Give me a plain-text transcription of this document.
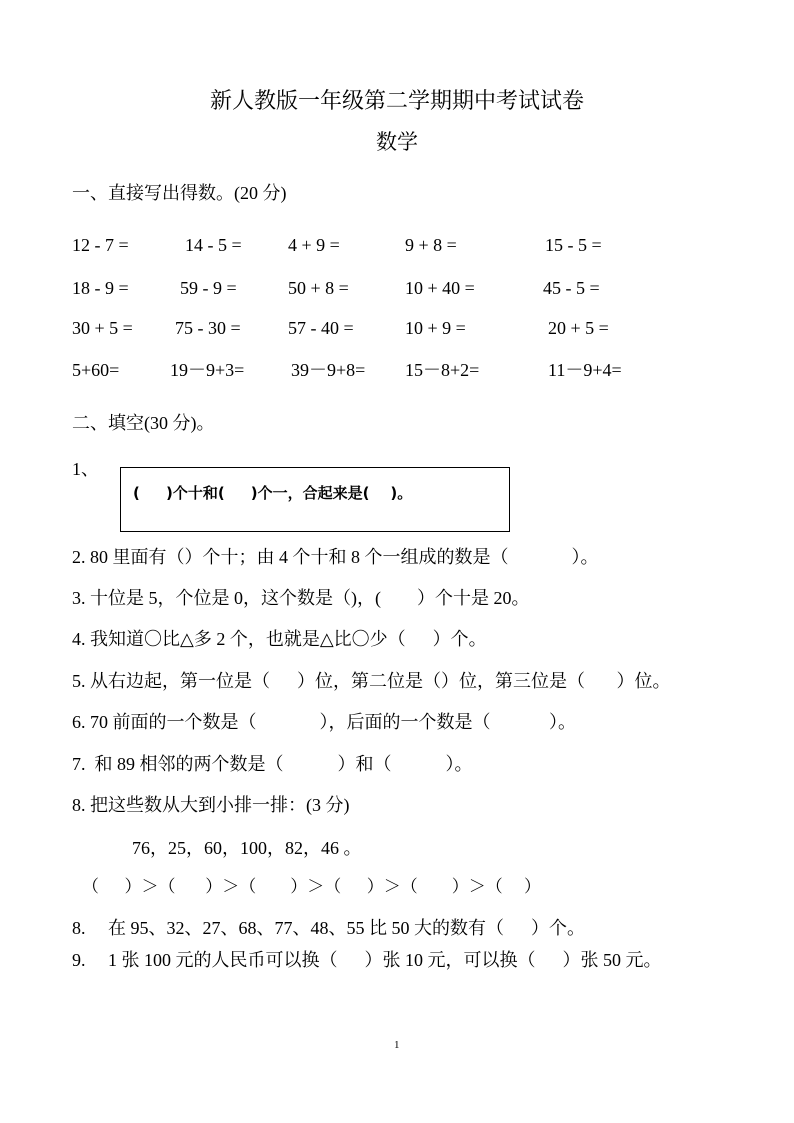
新人教版一年级第二学期期中考试试卷
数学
一、直接写出得数。(20 分)
12 - 7 =	14 - 5 =	4 + 9 =	9 + 8 =	15 - 5 =
18 - 9 =	59 - 9 =	50 + 8 =	10 + 40 =	45 - 5 =
30 + 5 = 75 - 30 =	57 - 40 =	10 + 9 =	20 + 5 =
5+60=	19－9+3=	39－9+8= 15－8+2=	11－9+4=
二、填空(30 分)。
1、
(     )个十和(     )个一，合起来是(    )。
2. 80 里面有（）个十；由 4 个十和 8 个一组成的数是（              ）。
3. 十位是 5，个位是 0，这个数是（)，(        ）个十是 20。
4. 我知道〇比△多 2 个，也就是△比〇少（      ）个。
5. 从右边起，第一位是（      ）位，第二位是（）位，第三位是（       ）位。
6. 70 前面的一个数是（              ），后面的一个数是（             ）。
7.  和 89 相邻的两个数是（            ）和（            ）。
8. 把这些数从大到小排一排：(3 分)
76，25，60，100，82，46 。
（      ）＞（       ）＞（        ）＞（      ）＞（        ）＞（     ）
8.     在 95、32、27、68、77、48、55 比 50 大的数有（      ）个。
9.     1 张 100 元的人民币可以换（      ）张 10 元，可以换（      ）张 50 元。
1
